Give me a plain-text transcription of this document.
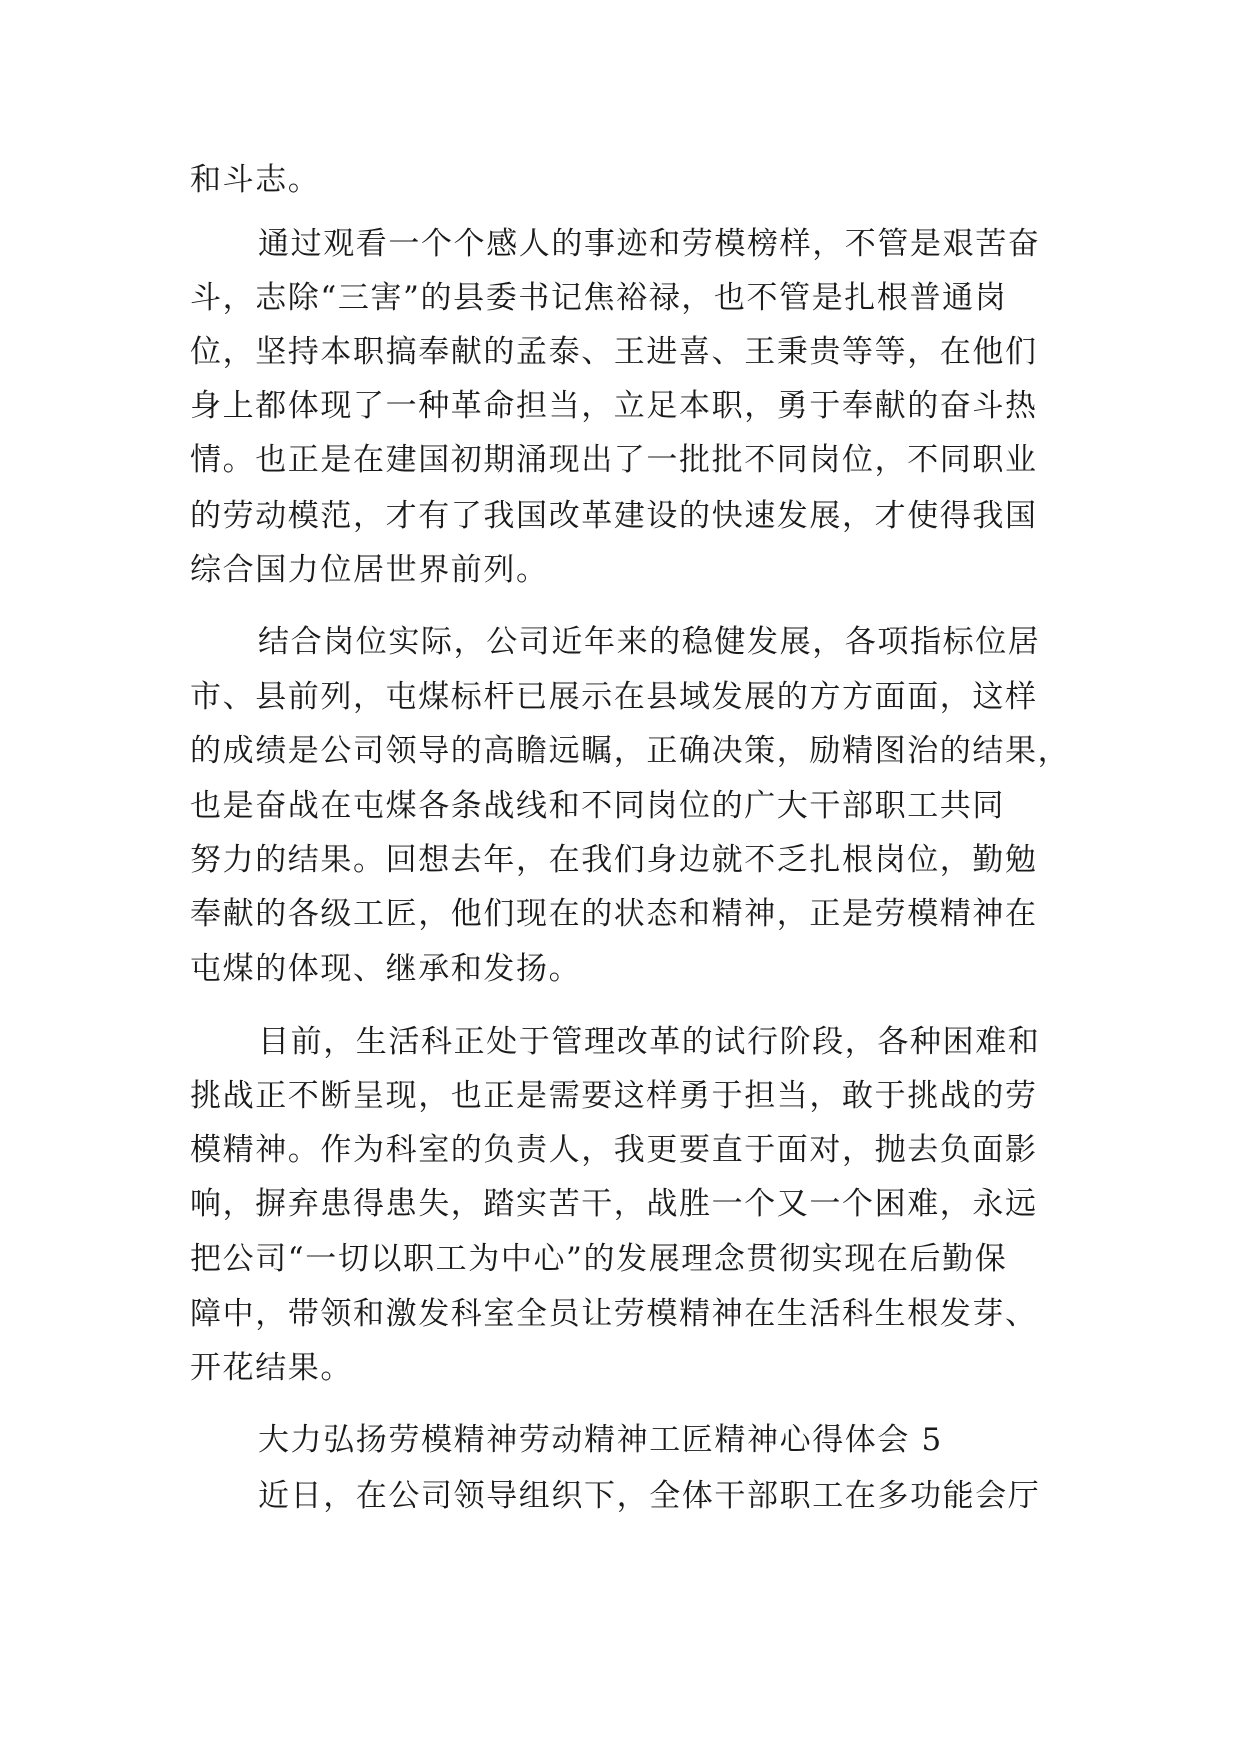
和斗志。
通过观看一个个感人的事迹和劳模榜样，不管是艰苦奋
斗，志除“三害”的县委书记焦裕禄，也不管是扎根普通岗
位，坚持本职搞奉献的孟泰、王进喜、王秉贵等等，在他们
身上都体现了一种革命担当，立足本职，勇于奉献的奋斗热
情。也正是在建国初期涌现出了一批批不同岗位，不同职业
的劳动模范，才有了我国改革建设的快速发展，才使得我国
综合国力位居世界前列。
结合岗位实际，公司近年来的稳健发展，各项指标位居
市、县前列，屯煤标杆已展示在县域发展的方方面面，这样
的成绩是公司领导的高瞻远瞩，正确决策，励精图治的结果，
也是奋战在屯煤各条战线和不同岗位的广大干部职工共同
努力的结果。回想去年，在我们身边就不乏扎根岗位，勤勉
奉献的各级工匠，他们现在的状态和精神，正是劳模精神在
屯煤的体现、继承和发扬。
目前，生活科正处于管理改革的试行阶段，各种困难和
挑战正不断呈现，也正是需要这样勇于担当，敢于挑战的劳
模精神。作为科室的负责人，我更要直于面对，抛去负面影
响，摒弃患得患失，踏实苦干，战胜一个又一个困难，永远
把公司“一切以职工为中心”的发展理念贯彻实现在后勤保
障中，带领和激发科室全员让劳模精神在生活科生根发芽、
开花结果。
大力弘扬劳模精神劳动精神工匠精神心得体会 5
近日，在公司领导组织下，全体干部职工在多功能会厅
